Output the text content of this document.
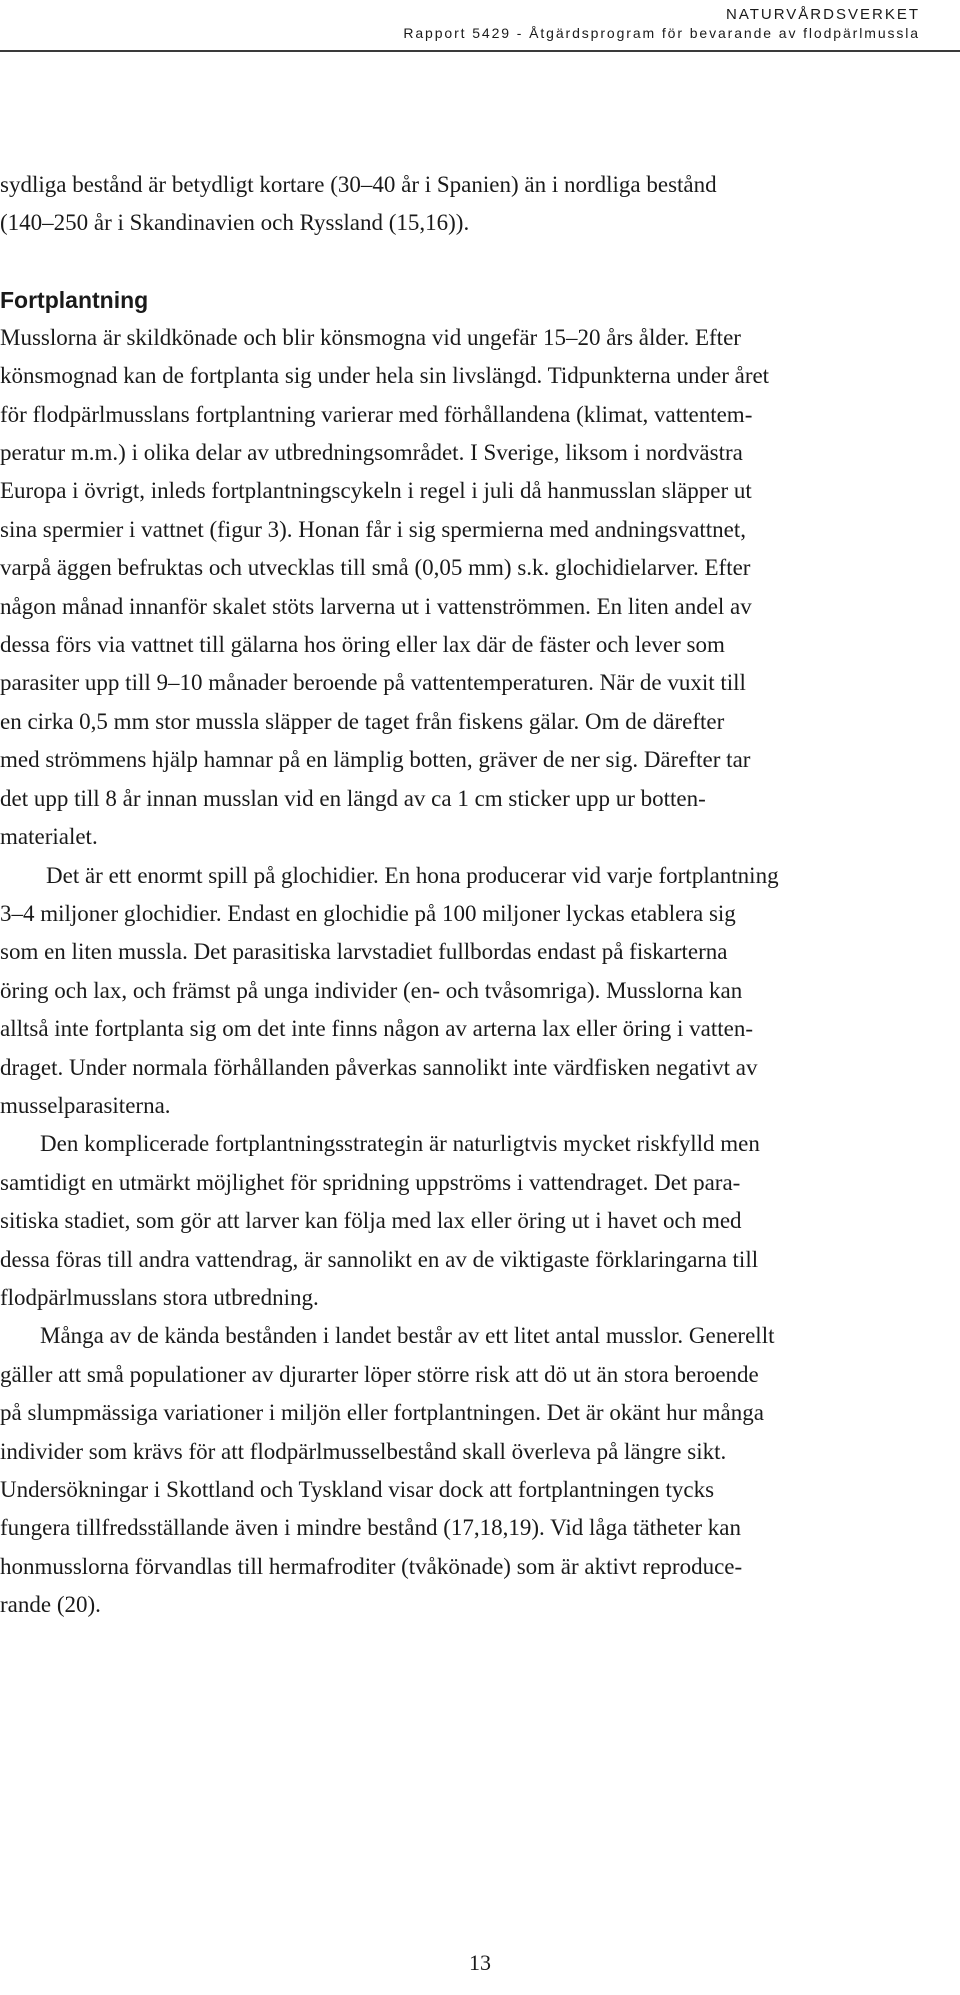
NATURVÅRDSVERKET
Rapport 5429 - Åtgärdsprogram för bevarande av flodpärlmussla

sydliga bestånd är betydligt kortare (30–40 år i Spanien) än i nordliga bestånd

(140–250 år i Skandinavien och Ryssland (15,16)).

Fortplantning

Musslorna är skildkönade och blir könsmogna vid ungefär 15–20 års ålder. Efter

könsmognad kan de fortplanta sig under hela sin livslängd. Tidpunkterna under året

för flodpärlmusslans fortplantning varierar med förhållandena (klimat, vattentem-

peratur m.m.) i olika delar av utbredningsområdet. I Sverige, liksom i nordvästra

Europa i övrigt, inleds fortplantningscykeln i regel i juli då hanmusslan släpper ut

sina spermier i vattnet (figur 3). Honan får i sig spermierna med andningsvattnet,

varpå äggen befruktas och utvecklas till små (0,05 mm) s.k. glochidielarver. Efter

någon månad innanför skalet stöts larverna ut i vattenströmmen. En liten andel av

dessa förs via vattnet till gälarna hos öring eller lax där de fäster och lever som

parasiter upp till 9–10 månader beroende på vattentemperaturen. När de vuxit till

en cirka 0,5 mm stor mussla släpper de taget från fiskens gälar. Om de därefter

med strömmens hjälp hamnar på en lämplig botten, gräver de ner sig. Därefter tar

det upp till 8 år innan musslan vid en längd av ca 1 cm sticker upp ur botten-

materialet.

Det är ett enormt spill på glochidier. En hona producerar vid varje fortplantning

3–4 miljoner glochidier. Endast en glochidie på 100 miljoner lyckas etablera sig

som en liten mussla. Det parasitiska larvstadiet fullbordas endast på fiskarterna

öring och lax, och främst på unga individer (en- och tvåsomriga). Musslorna kan

alltså inte fortplanta sig om det inte finns någon av arterna lax eller öring i vatten-

draget. Under normala förhållanden påverkas sannolikt inte värdfisken negativt av

musselparasiterna.

Den komplicerade fortplantningsstrategin är naturligtvis mycket riskfylld men

samtidigt en utmärkt möjlighet för spridning uppströms i vattendraget. Det para-

sitiska stadiet, som gör att larver kan följa med lax eller öring ut i havet och med

dessa föras till andra vattendrag, är sannolikt en av de viktigaste förklaringarna till

flodpärlmusslans stora utbredning.

Många av de kända bestånden i landet består av ett litet antal musslor. Generellt

gäller att små populationer av djurarter löper större risk att dö ut än stora beroende

på slumpmässiga variationer i miljön eller fortplantningen. Det är okänt hur många

individer som krävs för att flodpärlmusselbestånd skall överleva på längre sikt.

Undersökningar i Skottland och Tyskland visar dock att fortplantningen tycks

fungera tillfredsställande även i mindre bestånd (17,18,19). Vid låga tätheter kan

honmusslorna förvandlas till hermafroditer (tvåkönade) som är aktivt reproduce-

rande (20).

13
